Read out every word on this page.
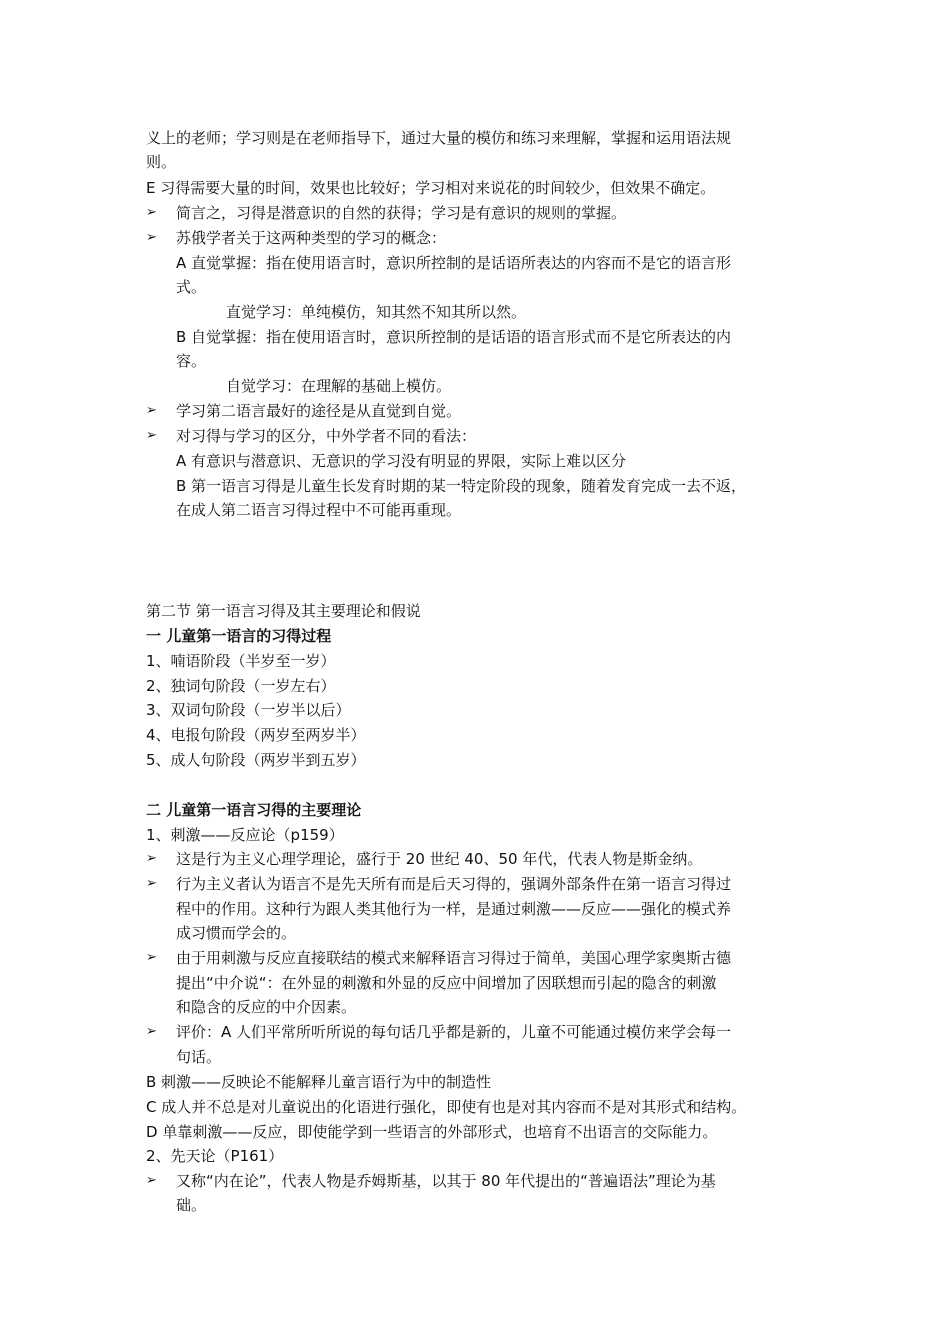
义上的老师；学习则是在老师指导下，通过大量的模仿和练习来理解，掌握和运用语法规
则。
E 习得需要大量的时间，效果也比较好；学习相对来说花的时间较少，但效果不确定。
➢ 简言之，习得是潜意识的自然的获得；学习是有意识的规则的掌握。
➢ 苏俄学者关于这两种类型的学习的概念：
A 直觉掌握：指在使用语言时，意识所控制的是话语所表达的内容而不是它的语言形
式。
直觉学习：单纯模仿，知其然不知其所以然。
B 自觉掌握：指在使用语言时，意识所控制的是话语的语言形式而不是它所表达的内
容。
自觉学习：在理解的基础上模仿。
➢ 学习第二语言最好的途径是从直觉到自觉。
➢ 对习得与学习的区分，中外学者不同的看法：
A 有意识与潜意识、无意识的学习没有明显的界限，实际上难以区分
B 第一语言习得是儿童生长发育时期的某一特定阶段的现象，随着发育完成一去不返，
在成人第二语言习得过程中不可能再重现。
第二节 第一语言习得及其主要理论和假说
一 儿童第一语言的习得过程
1、喃语阶段（半岁至一岁）
2、独词句阶段（一岁左右）
3、双词句阶段（一岁半以后）
4、电报句阶段（两岁至两岁半）
5、成人句阶段（两岁半到五岁）
二 儿童第一语言习得的主要理论
1、刺激——反应论（p159）
➢ 这是行为主义心理学理论，盛行于 20 世纪 40、50 年代，代表人物是斯金纳。
➢ 行为主义者认为语言不是先天所有而是后天习得的，强调外部条件在第一语言习得过
程中的作用。这种行为跟人类其他行为一样，是通过刺激——反应——强化的模式养
成习惯而学会的。
➢ 由于用刺激与反应直接联结的模式来解释语言习得过于简单，美国心理学家奥斯古德
提出“中介说“：在外显的刺激和外显的反应中间增加了因联想而引起的隐含的刺激
和隐含的反应的中介因素。
➢ 评价：A 人们平常所听所说的每句话几乎都是新的，儿童不可能通过模仿来学会每一
句话。
B 刺激——反映论不能解释儿童言语行为中的制造性
C 成人并不总是对儿童说出的化语进行强化，即使有也是对其内容而不是对其形式和结构。
D 单靠刺激——反应，即使能学到一些语言的外部形式，也培育不出语言的交际能力。
2、先天论（P161）
➢ 又称“内在论”，代表人物是乔姆斯基，以其于 80 年代提出的“普遍语法”理论为基
础。
